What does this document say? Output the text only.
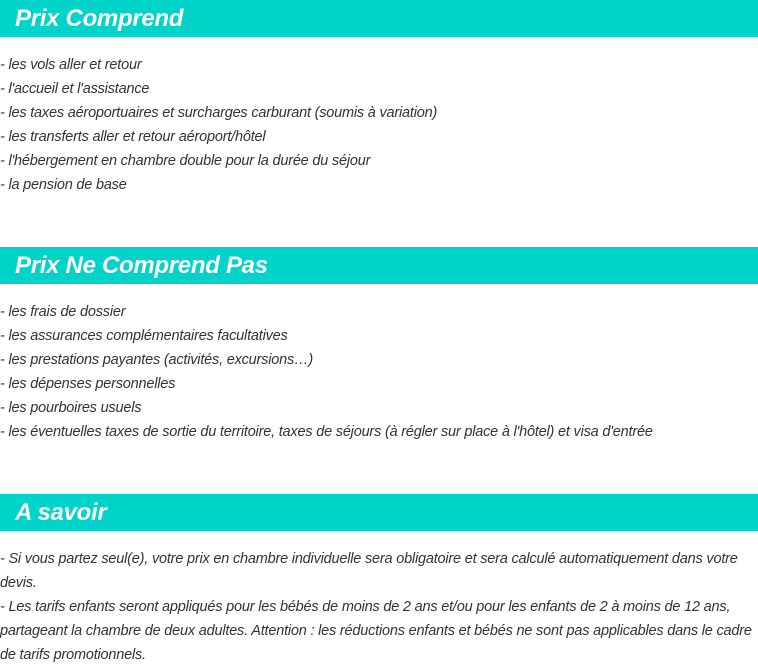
Prix Comprend
- les vols aller et retour
- l'accueil et l'assistance
- les taxes aéroportuaires et surcharges carburant (soumis à variation)
- les transferts aller et retour aéroport/hôtel
- l'hébergement en chambre double pour la durée du séjour
- la pension de base
Prix Ne Comprend Pas
- les frais de dossier
- les assurances complémentaires facultatives
- les prestations payantes (activités, excursions…)
- les dépenses personnelles
- les pourboires usuels
- les éventuelles taxes de sortie du territoire, taxes de séjours (à régler sur place à l'hôtel) et visa d'entrée
A savoir

- Si vous partez seul(e), votre prix en chambre individuelle sera obligatoire et sera calculé automatiquement dans votre devis.

- Les tarifs enfants seront appliqués pour les bébés de moins de 2 ans et/ou pour les enfants de 2 à moins de 12 ans, partageant la chambre de deux adultes. Attention : les réductions enfants et bébés ne sont pas applicables dans le cadre de tarifs promotionnels.
